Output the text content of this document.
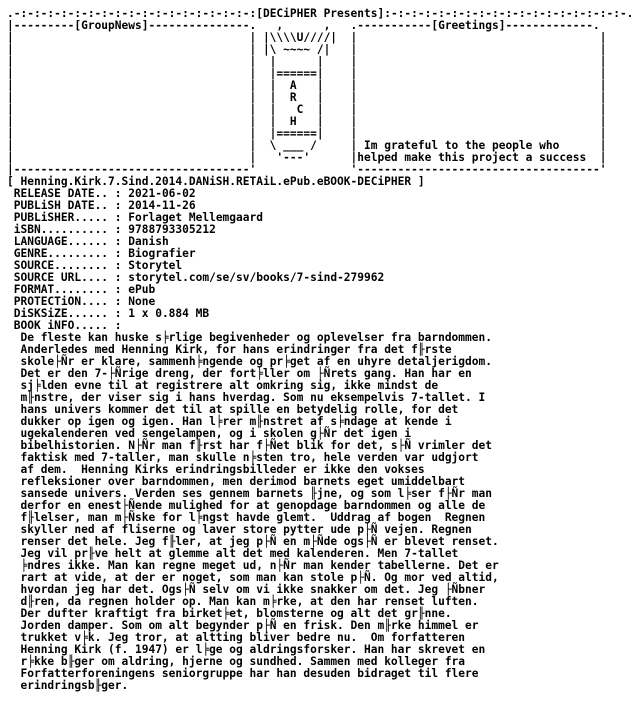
.-:-:-:-:-:-:-:-:-:-:-:-:-:-:-:-:-:-:[DECiPHER Presents]:-:-:-:-:-:-:-:-:-:-:-:-:-:-:-:-:-:-.
|---------[GroupNews]---------------.   ,      ,   .-----------[Greetings]-------------.
|                                   | |\\\\U////|  |                                    |
|                                   | |\ ~~~~ /|   |                                    |
|                                   |  |      |    |                                    |
|                                   |  |======|    |                                    |
|                                   |  |  A   |    |                                    |
|                                   |  |  R   |    |                                    |
|                                   |  |   C  |    |                                    |
|                                   |  |  H   |    |                                    |
|                                   |  |======|    |                                    |
|                                   |  \ ___ /     | Im grateful to the people who	|
|                                   |   '---'      |helped make this project a success |
|-----------------------------------'              '------------------------------------'
[ Henning.Kirk.7.Sind.2014.DANiSH.RETAiL.ePub.eBOOK-DECiPHER ]
RELEASE DATE.. : 2021-06-02
PUBLiSH DATE.. : 2014-11-26
PUBLiSHER..... : Forlaget Mellemgaard
iSBN.......... : 9788793305212
LANGUAGE...... : Danish
GENRE......... : Biografier
SOURCE........ : Storytel
SOURCE URL.... : storytel.com/se/sv/books/7-sind-279962
FORMAT........ : ePub
PROTECTiON.... : None
DiSKSiZE...... : 1 x 0.884 MB
BOOK iNFO..... :
De fleste kan huske s╞rlige begivenheder og oplevelser fra barndommen.
Anderledes med Henning Kirk, for hans erindringer fra det f╟rste
skole├Ñr er klare, sammenh╞ngende og pr╞get af en uhyre detaljerigdom.
Det er den 7-├Ñrige dreng, der fort╞ller om ├Ñrets gang. Han har en
sj╞lden evne til at registrere alt omkring sig, ikke mindst de
m╟nstre, der viser sig i hans hverdag. Som nu eksempelvis 7-tallet. I
hans univers kommer det til at spille en betydelig rolle, for det
dukker op igen og igen. Han l╞rer m╟nstret af s╞ndage at kende i
ugekalenderen ved sengelampen, og i skolen g├Ñr det igen i
bibelhistorien. N├Ñr man f╟rst har f├Ñet blik for det, s├Ñ vrimler det
faktisk med 7-taller, man skulle n╞sten tro, hele verden var udgjort
af dem.  Henning Kirks erindringsbilleder er ikke den vokses
refleksioner over barndommen, men derimod barnets eget umiddelbart
sansede univers. Verden ses gennem barnets ╟jne, og som l╞ser f├Ñr man
derfor en enest├Ñende mulighed for at genopdage barndommen og alle de
f╟lelser, man m├Ñske for l╞ngst havde glemt.  Uddrag af bogen  Regnen
skyller ned af fliserne og laver store pytter ude p├Ñ vejen. Regnen
renser det hele. Jeg f╟ler, at jeg p├Ñ en m├Ñde ogs├Ñ er blevet renset.
Jeg vil pr╟ve helt at glemme alt det med kalenderen. Men 7-tallet
╞ndres ikke. Man kan regne meget ud, n├Ñr man kender tabellerne. Det er
rart at vide, at der er noget, som man kan stole p├Ñ. Og mor ved altid,
hvordan jeg har det. Ogs├Ñ selv om vi ikke snakker om det. Jeg ├Ñbner
d╟ren, da regnen holder op. Man kan m╞rke, at den har renset luften.
Der dufter kraftigt fra birket╞et, blomsterne og alt det gr╟nne.
Jorden damper. Som om alt begynder p├Ñ en frisk. Den m╟rke himmel er
trukket v╞k. Jeg tror, at altting bliver bedre nu.  Om forfatteren
Henning Kirk (f. 1947) er l╞ge og aldringsforsker. Han har skrevet en
r╞kke b╟ger om aldring, hjerne og sundhed. Sammen med kolleger fra
Forfatterforeningens seniorgruppe har han desuden bidraget til flere
erindringsb╟ger.
